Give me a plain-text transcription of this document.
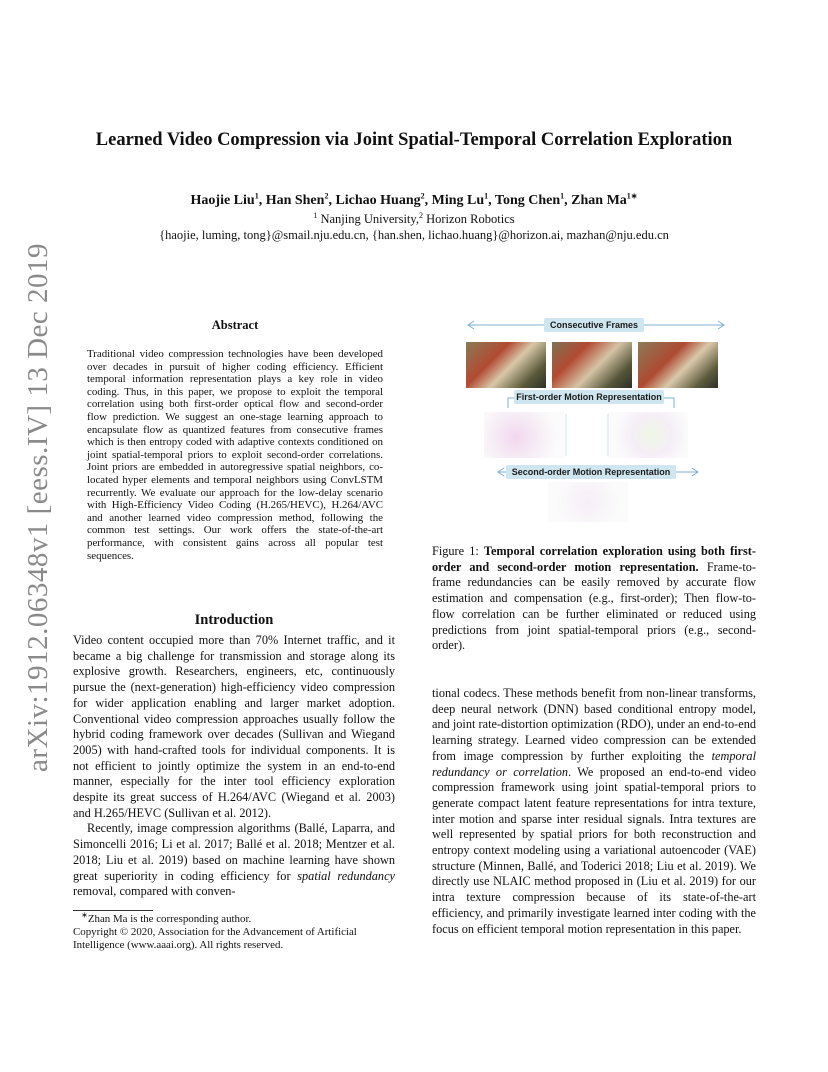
arXiv:1912.06348v1 [eess.IV] 13 Dec 2019
Learned Video Compression via Joint Spatial-Temporal Correlation Exploration
Haojie Liu$^1$, Han Shen$^2$, Lichao Huang$^2$, Ming Lu$^1$, Tong Chen$^1$, Zhan $Ma^{1∗}$
$^1$ Nanjing University,$^2$ Horizon Robotics
{haojie, luming, tong}@smail.nju.edu.cn, {han.shen, lichao.huang}@horizon.ai, mazhan@nju.edu.cn
Abstract
Traditional video compression technologies have been developed over decades in pursuit of higher coding efficiency. Efficient temporal information representation plays a key role in video coding. Thus, in this paper, we propose to exploit the temporal correlation using both first-order optical flow and second-order flow prediction. We suggest an one-stage learning approach to encapsulate flow as quantized features from consecutive frames which is then entropy coded with adaptive contexts conditioned on joint spatial-temporal priors to exploit second-order correlations. Joint priors are embedded in autoregressive spatial neighbors, co-located hyper elements and temporal neighbors using ConvLSTM recurrently. We evaluate our approach for the low-delay scenario with High-Efficiency Video Coding (H.265/HEVC), H.264/AVC and another learned video compression method, following the common test settings. Our work offers the state-of-the-art performance, with consistent gains across all popular test sequences.
Introduction

Video content occupied more than 70% Internet traffic, and it became a big challenge for transmission and storage along its explosive growth. Researchers, engineers, etc, continuously pursue the (next-generation) high-efficiency video compression for wider application enabling and larger market adoption. Conventional video compression approaches usually follow the hybrid coding framework over decades (Sullivan and Wiegand 2005) with hand-crafted tools for individual components. It is not efficient to jointly optimize the system in an end-to-end manner, especially for the inter tool efficiency exploration despite its great success of H.264/AVC (Wiegand et al. 2003) and H.265/HEVC (Sullivan et al. 2012).

Recently, image compression algorithms (Ballé, Laparra, and Simoncelli 2016; Li et al. 2017; Ballé et al. 2018; Mentzer et al. 2018; Liu et al. 2019) based on machine learning have shown great superiority in coding efficiency for spatial redundancy removal, compared with conven-

∗Zhan Ma is the corresponding author.

Copyright © 2020, Association for the Advancement of Artificial Intelligence (www.aaai.org). All rights reserved.

Consecutive Frames
First-order Motion Representation
Second-order Motion Representation
Figure 1: Temporal correlation exploration using both first-order and second-order motion representation. Frame-to-frame redundancies can be easily removed by accurate flow estimation and compensation (e.g., first-order); Then flow-to-flow correlation can be further eliminated or reduced using predictions from joint spatial-temporal priors (e.g., second-order).
tional codecs. These methods benefit from non-linear transforms, deep neural network (DNN) based conditional entropy model, and joint rate-distortion optimization (RDO), under an end-to-end learning strategy. Learned video compression can be extended from image compression by further exploiting the temporal redundancy or correlation. We proposed an end-to-end video compression framework using joint spatial-temporal priors to generate compact latent feature representations for intra texture, inter motion and sparse inter residual signals. Intra textures are well represented by spatial priors for both reconstruction and entropy context modeling using a variational autoencoder (VAE) structure (Minnen, Ballé, and Toderici 2018; Liu et al. 2019). We directly use NLAIC method proposed in (Liu et al. 2019) for our intra texture compression because of its state-of-the-art efficiency, and primarily investigate learned inter coding with the focus on efficient temporal motion representation in this paper.
